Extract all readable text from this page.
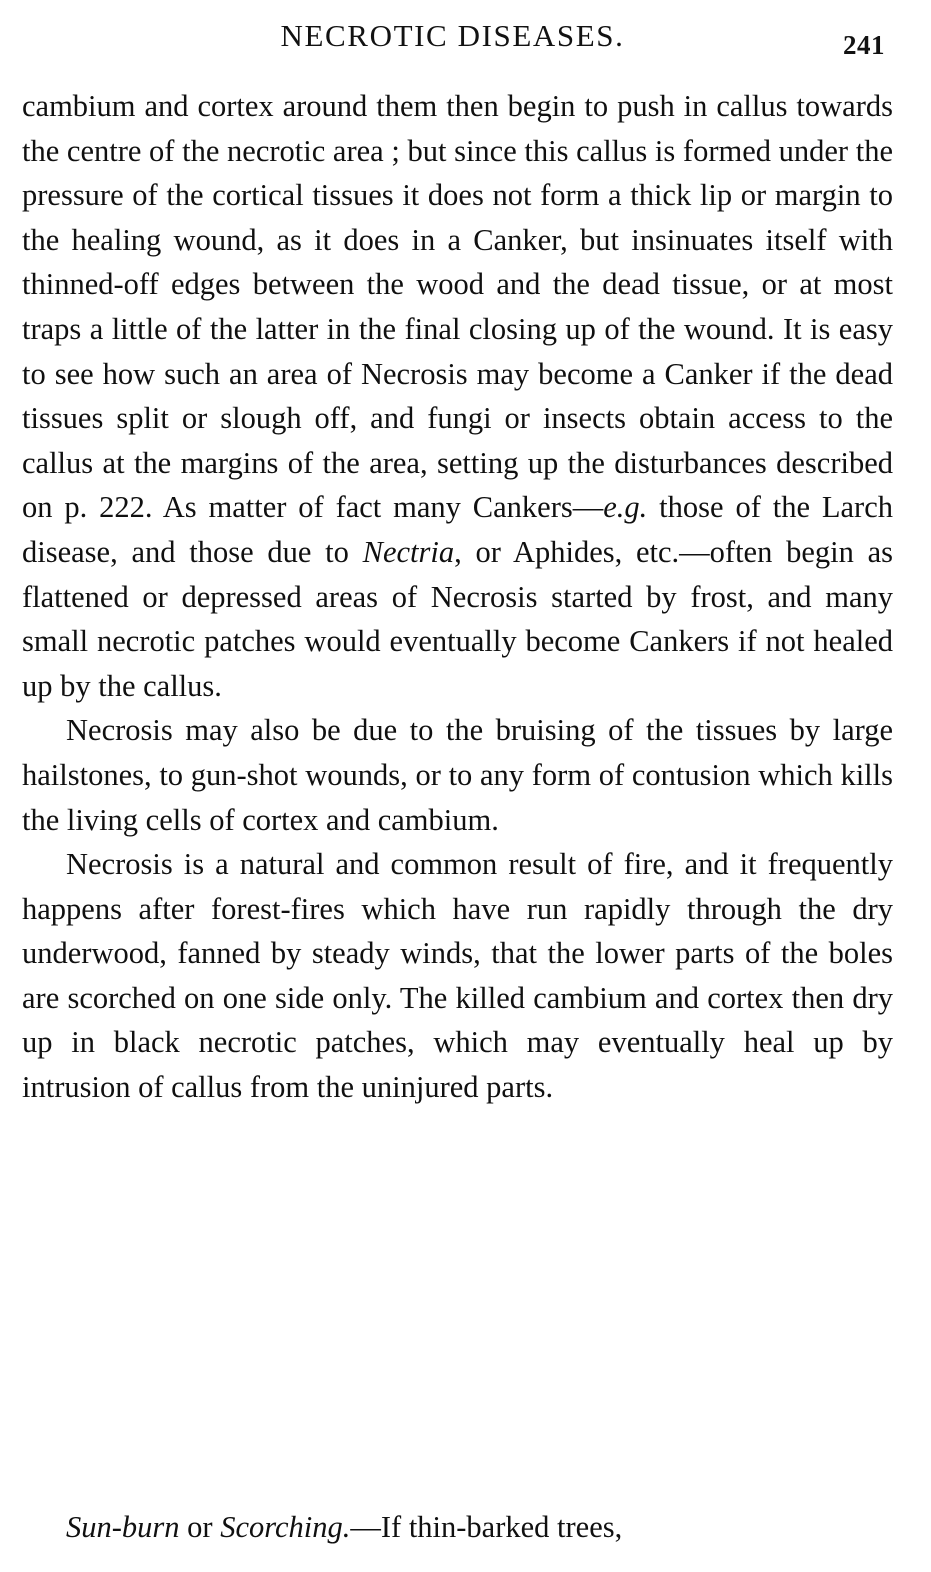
NECROTIC DISEASES.	241

cambium and cortex around them then begin to push in callus towards the centre of the necrotic area ; but since this callus is formed under the pressure of the cortical tissues it does not form a thick lip or margin to the healing wound, as it does in a Canker, but insinuates itself with thinned-off edges between the wood and the dead tissue, or at most traps a little of the latter in the final closing up of the wound. It is easy to see how such an area of Necrosis may become a Canker if the dead tissues split or slough off, and fungi or insects obtain access to the callus at the margins of the area, setting up the disturbances described on p. 222. As matter of fact many Cankers—e.g. those of the Larch disease, and those due to Nectria, or Aphides, etc.—often begin as flattened or depressed areas of Necrosis started by frost, and many small necrotic patches would eventually become Cankers if not healed up by the callus.

Necrosis may also be due to the bruising of the tissues by large hailstones, to gun-shot wounds, or to any form of contusion which kills the living cells of cortex and cambium.

Necrosis is a natural and common result of fire, and it frequently happens after forest-fires which have run rapidly through the dry underwood, fanned by steady winds, that the lower parts of the boles are scorched on one side only. The killed cambium and cortex then dry up in black necrotic patches, which may eventually heal up by intrusion of callus from the uninjured parts.

Sun-burn or Scorching.—If thin-barked trees,
